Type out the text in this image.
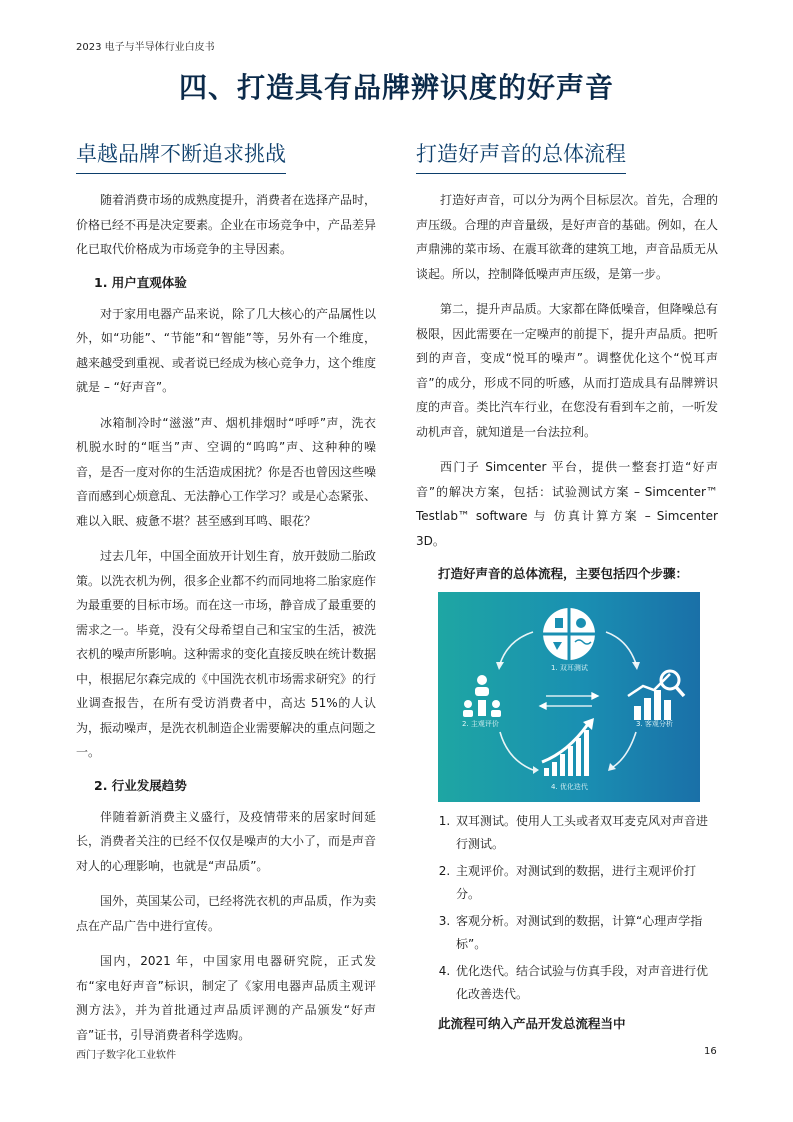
2023 电子与半导体行业白皮书
四、打造具有品牌辨识度的好声音
卓越品牌不断追求挑战

随着消费市场的成熟度提升，消费者在选择产品时，价格已经不再是决定要素。企业在市场竞争中，产品差异化已取代价格成为市场竞争的主导因素。

1. 用户直观体验

对于家用电器产品来说，除了几大核心的产品属性以外，如“功能”、“节能”和“智能”等，另外有一个维度，越来越受到重视、或者说已经成为核心竞争力，这个维度就是 – “好声音”。

冰箱制冷时“滋滋”声、烟机排烟时“呼呼”声，洗衣机脱水时的“哐当”声、空调的“呜呜”声、这种种的噪音，是否一度对你的生活造成困扰？你是否也曾因这些噪音而感到心烦意乱、无法静心工作学习？或是心态紧张、难以入眠、疲惫不堪？甚至感到耳鸣、眼花？

过去几年，中国全面放开计划生育，放开鼓励二胎政策。以洗衣机为例，很多企业都不约而同地将二胎家庭作为最重要的目标市场。而在这一市场，静音成了最重要的需求之一。毕竟，没有父母希望自己和宝宝的生活，被洗衣机的噪声所影响。这种需求的变化直接反映在统计数据中，根据尼尔森完成的《中国洗衣机市场需求研究》的行业调查报告，在所有受访消费者中，高达 51%的人认为，振动噪声，是洗衣机制造企业需要解决的重点问题之一。

2. 行业发展趋势

伴随着新消费主义盛行，及疫情带来的居家时间延长，消费者关注的已经不仅仅是噪声的大小了，而是声音对人的心理影响，也就是“声品质”。

国外，英国某公司，已经将洗衣机的声品质，作为卖点在产品广告中进行宣传。

国内，2021 年，中国家用电器研究院，正式发布“家电好声音”标识，制定了《家用电器声品质主观评测方法》，并为首批通过声品质评测的产品颁发“好声音”证书，引导消费者科学选购。

打造好声音的总体流程

打造好声音，可以分为两个目标层次。首先，合理的声压级。合理的声音量级，是好声音的基础。例如，在人声鼎沸的菜市场、在震耳欲聋的建筑工地，声音品质无从谈起。所以，控制降低噪声声压级，是第一步。

第二，提升声品质。大家都在降低噪音，但降噪总有极限，因此需要在一定噪声的前提下，提升声品质。把听到的声音，变成“悦耳的噪声”。调整优化这个“悦耳声音”的成分，形成不同的听感，从而打造成具有品牌辨识度的声音。类比汽车行业，在您没有看到车之前，一听发动机声音，就知道是一台法拉利。

西门子 Simcenter 平台，提供一整套打造“好声音”的解决方案，包括：试验测试方案 – Simcenter™ Testlab™ software 与 仿真计算方案 – Simcenter 3D。

打造好声音的总体流程，主要包括四个步骤：
1. 双耳测试
2. 主观评价	3. 客观分析
4. 优化迭代
1. 双耳测试。使用人工头或者双耳麦克风对声音进行测试。
2. 主观评价。对测试到的数据，进行主观评价打分。
3. 客观分析。对测试到的数据，计算“心理声学指标”。
4. 优化迭代。结合试验与仿真手段，对声音进行优化改善迭代。
此流程可纳入产品开发总流程当中
西门子数字化工业软件	16
